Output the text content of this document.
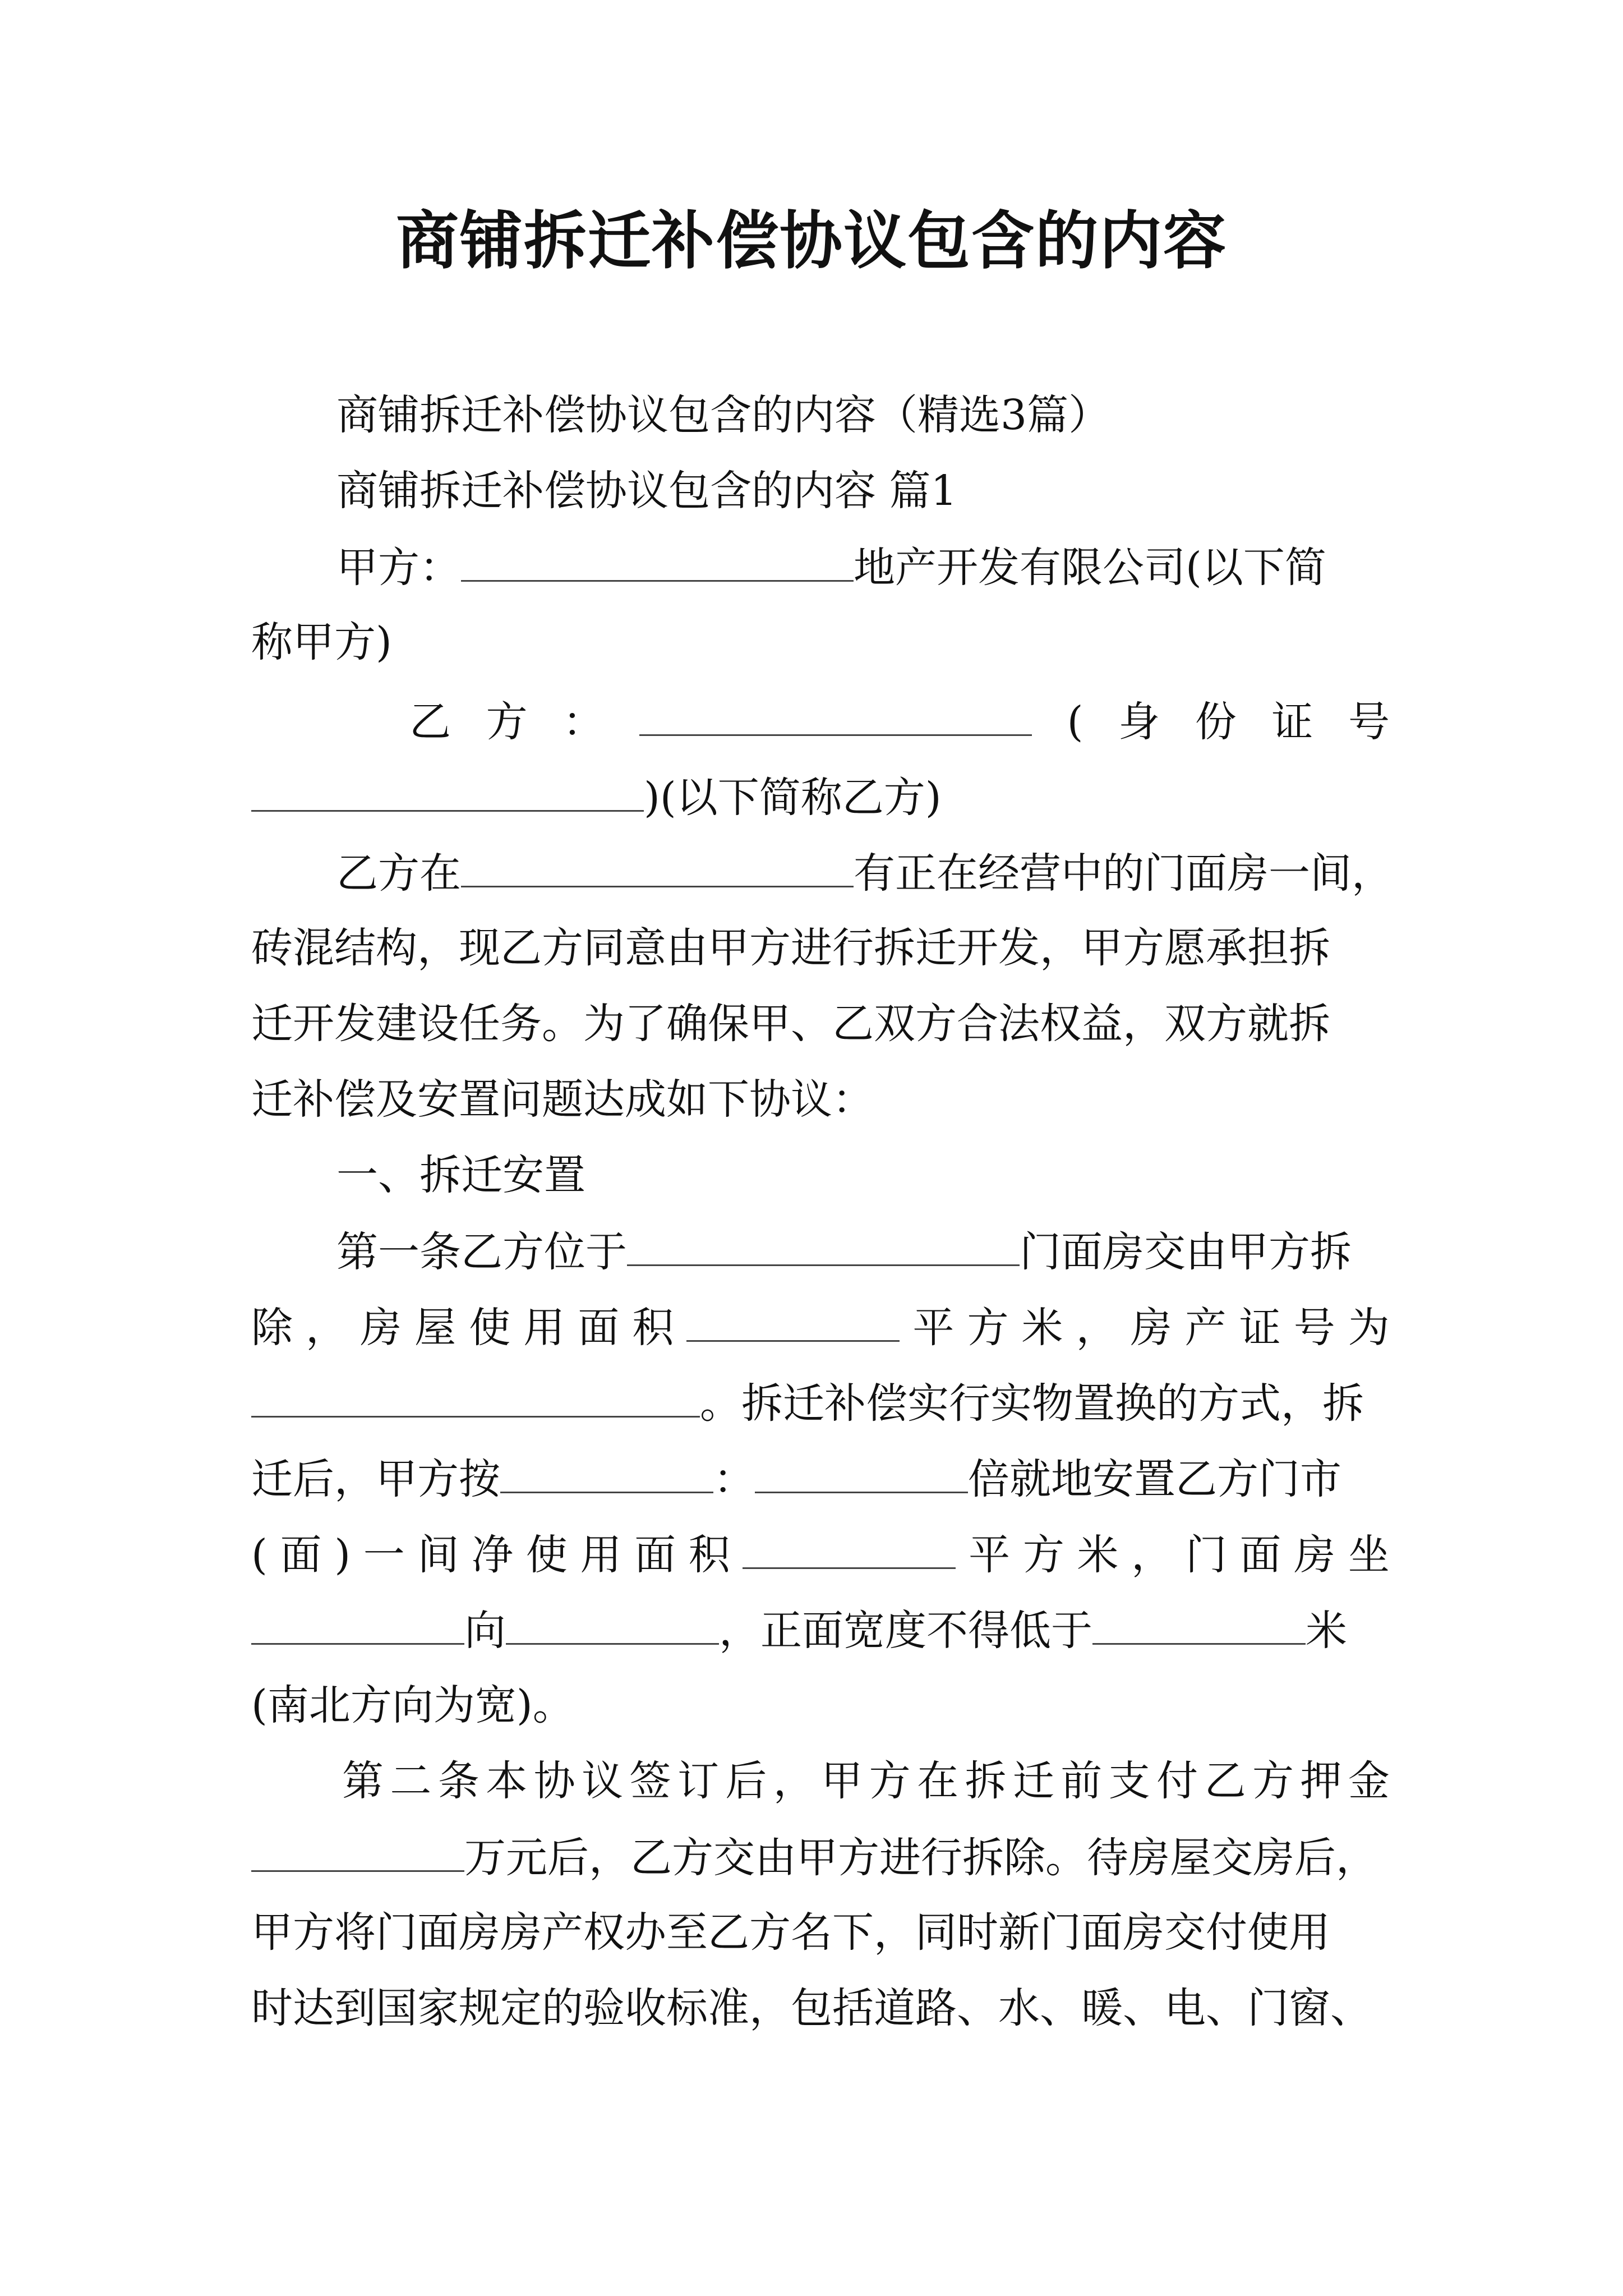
商铺拆迁补偿协议包含的内容
商铺拆迁补偿协议包含的内容（精选3篇）
商铺拆迁补偿协议包含的内容 篇1
甲方：	地产开发有限公司(以下简
称甲方)
乙 方 ：	( 身 份 证 号
)(以下简称乙方)
乙方在	有正在经营中的门面房一间，
砖混结构，现乙方同意由甲方进行拆迁开发，甲方愿承担拆
迁开发建设任务。为了确保甲、乙双方合法权益，双方就拆
迁补偿及安置问题达成如下协议：
一、拆迁安置
第一条乙方位于	门面房交由甲方拆
除 ， 房 屋 使 用 面 积	平 方 米 ， 房 产 证 号 为
。拆迁补偿实行实物置换的方式，拆
迁后，甲方按	：	倍就地安置乙方门市
( 面 ) 一 间 净 使 用 面 积	平 方 米 ， 门 面 房 坐
向	，正面宽度不得低于	米
(南北方向为宽)。
第 二 条 本 协 议 签 订 后 ， 甲 方 在 拆 迁 前 支 付 乙 方 押 金
万元后，乙方交由甲方进行拆除。待房屋交房后，
甲方将门面房房产权办至乙方名下，同时新门面房交付使用
时达到国家规定的验收标准，包括道路、水、暖、电、门窗、
